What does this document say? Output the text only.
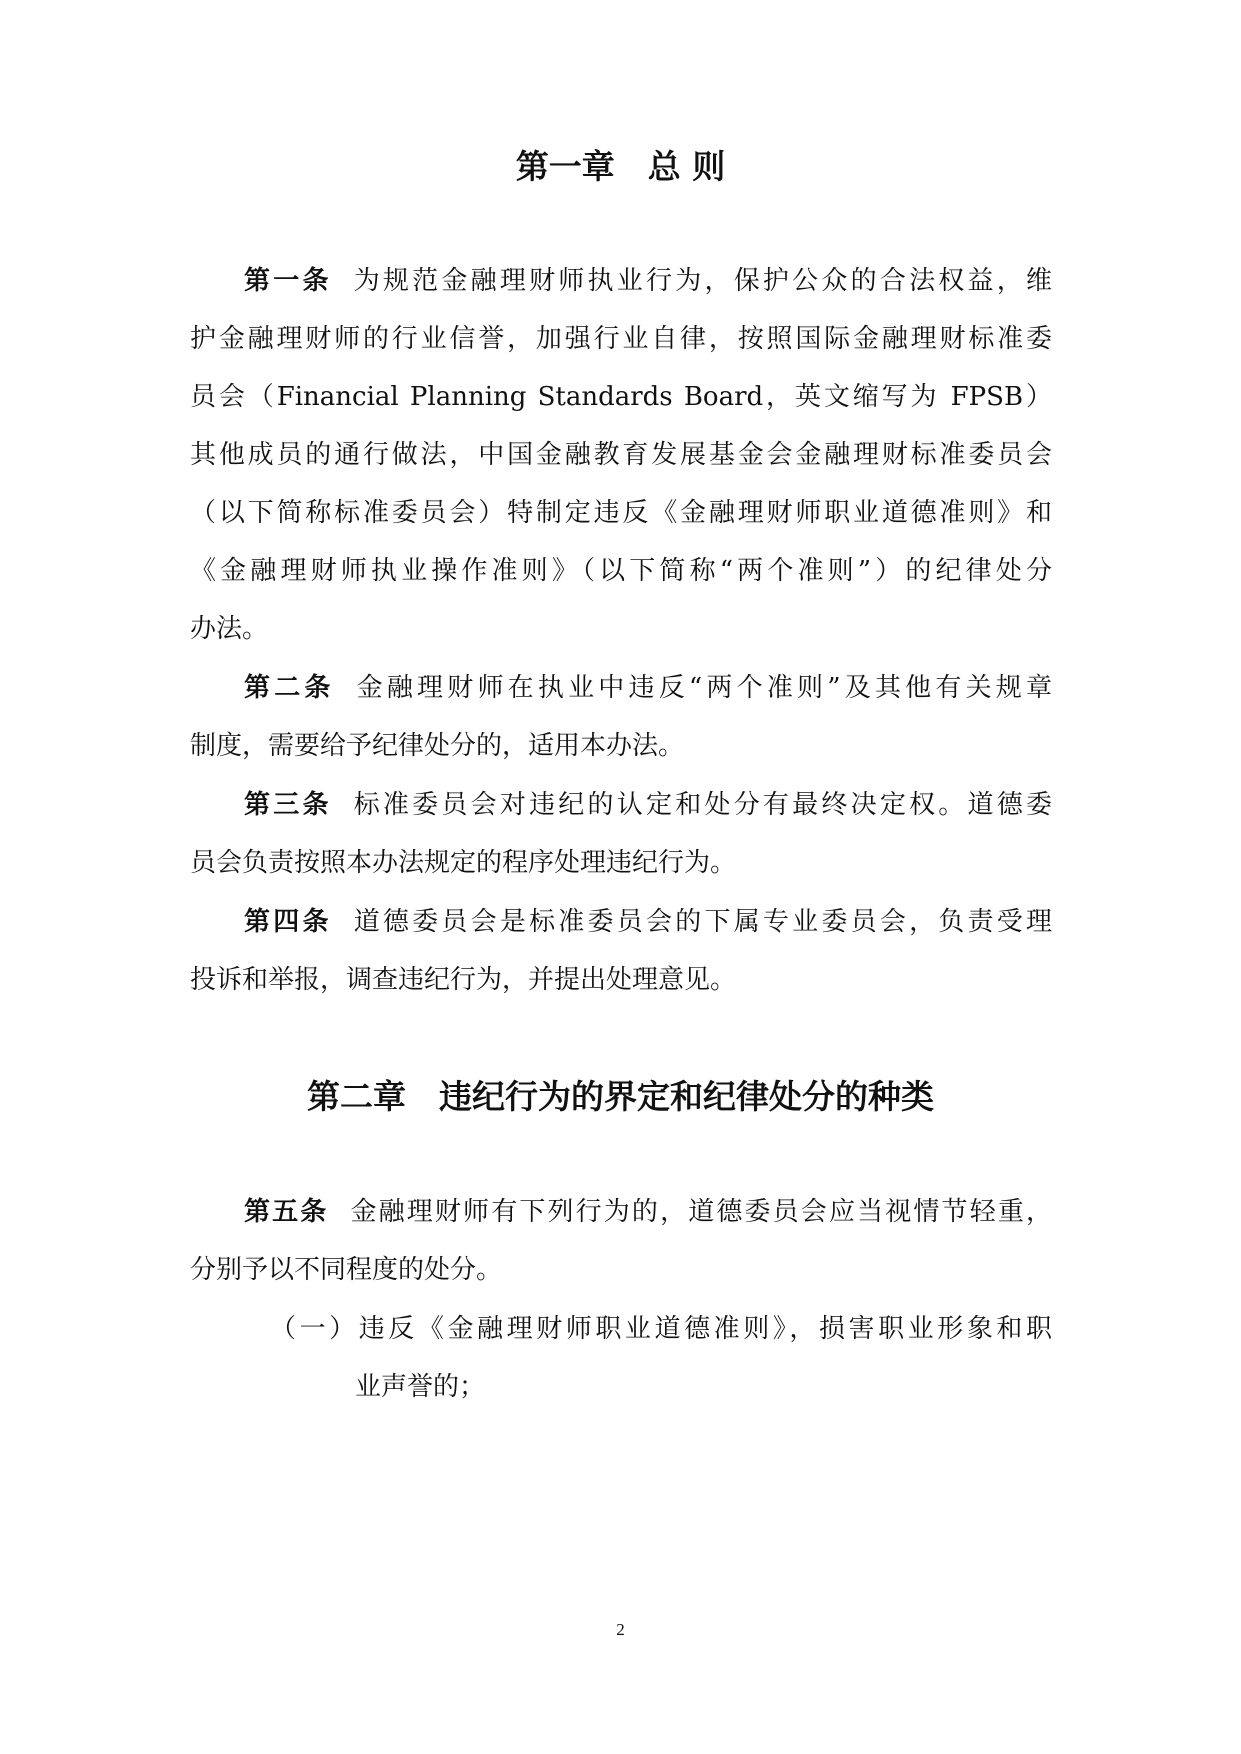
第一章　总 则
第一条 为规范金融理财师执业行为，保护公众的合法权益，维
护金融理财师的行业信誉，加强行业自律，按照国际金融理财标准委
员会（Financial Planning Standards Board，英文缩写为 FPSB）
其他成员的通行做法，中国金融教育发展基金会金融理财标准委员会
（以下简称标准委员会）特制定违反《金融理财师职业道德准则》和
《金融理财师执业操作准则》（以下简称“两个准则”）的纪律处分
办法。
第二条 金融理财师在执业中违反“两个准则”及其他有关规章
制度，需要给予纪律处分的，适用本办法。
第三条 标准委员会对违纪的认定和处分有最终决定权。道德委
员会负责按照本办法规定的程序处理违纪行为。
第四条 道德委员会是标准委员会的下属专业委员会，负责受理
投诉和举报，调查违纪行为，并提出处理意见。
第二章　违纪行为的界定和纪律处分的种类
第五条 金融理财师有下列行为的，道德委员会应当视情节轻重，
分别予以不同程度的处分。
（一）违反《金融理财师职业道德准则》，损害职业形象和职
业声誉的；
2
